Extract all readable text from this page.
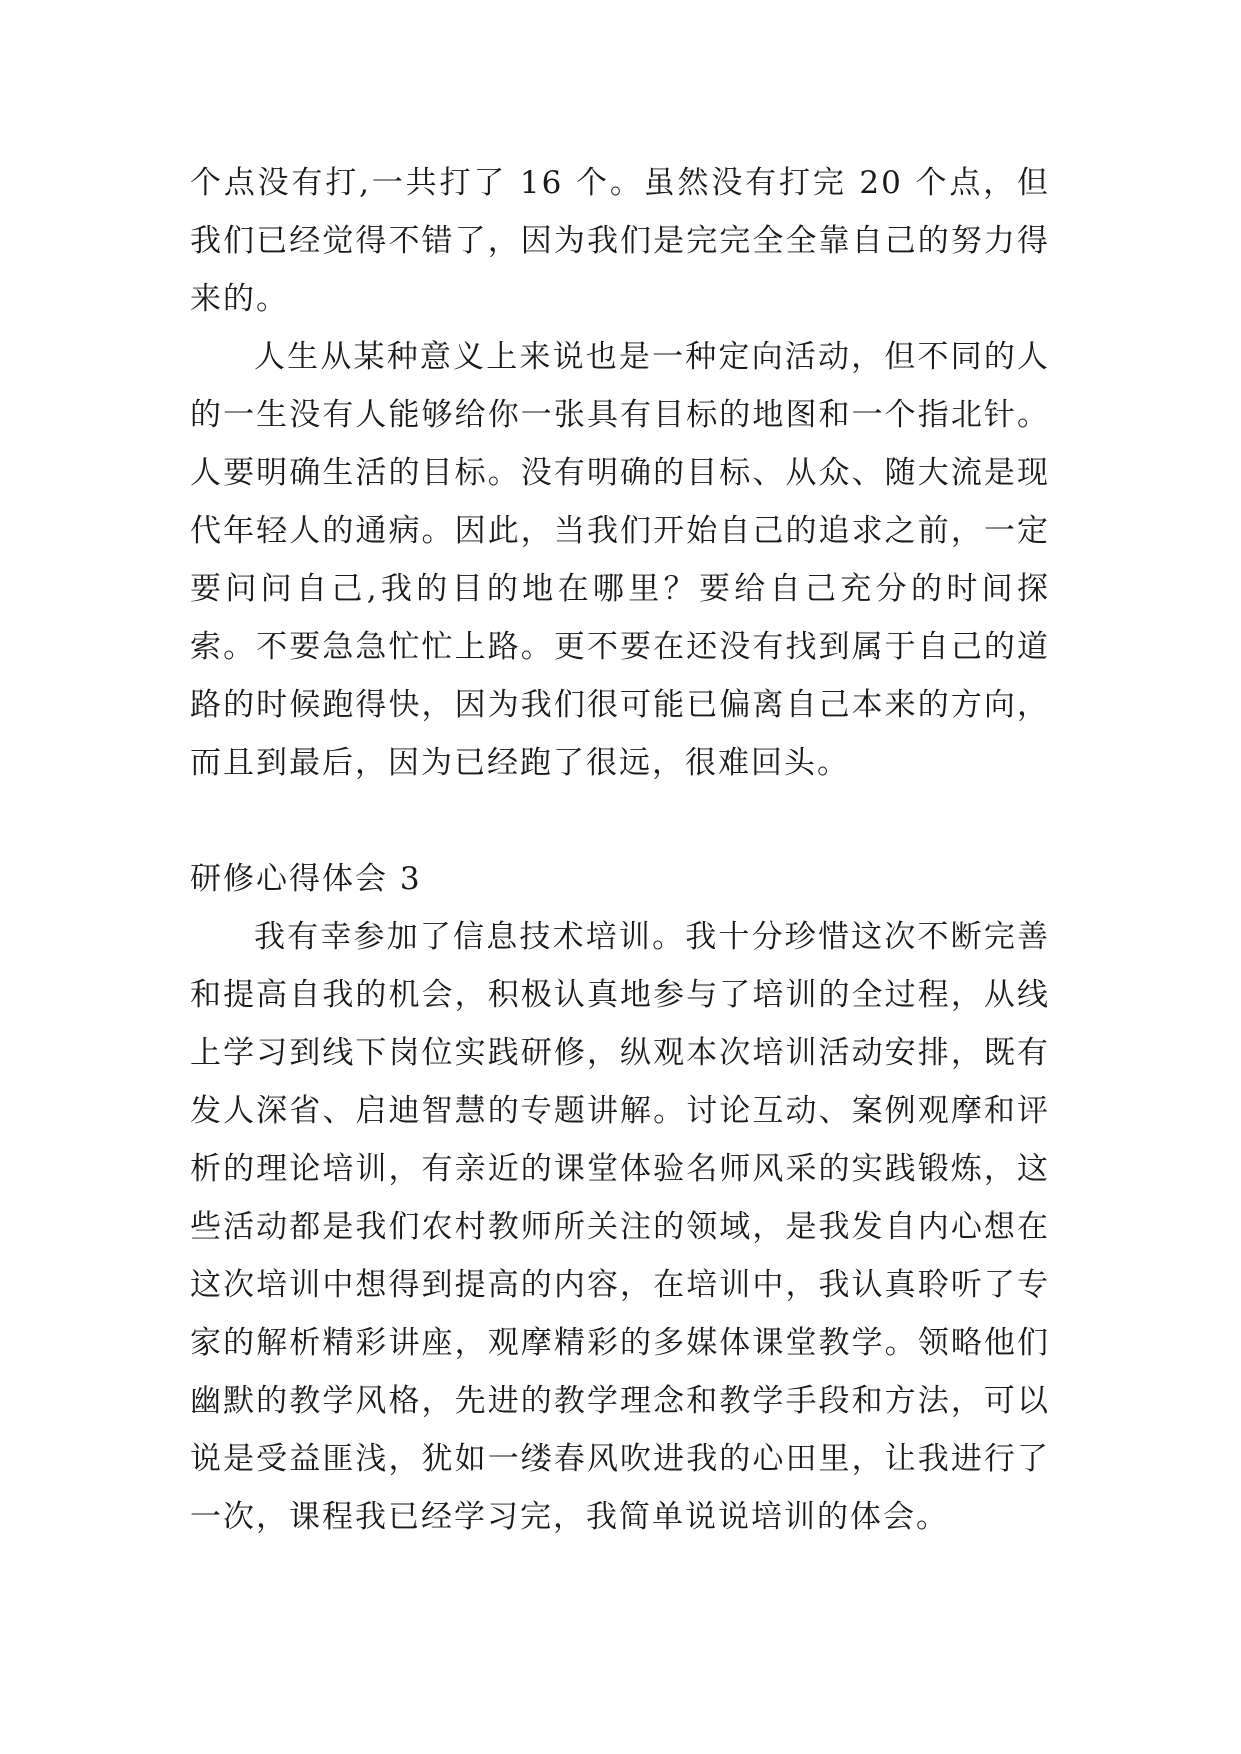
个点没有打,一共打了 16 个。虽然没有打完 20 个点，但我们已经觉得不错了，因为我们是完完全全靠自己的努力得来的。

人生从某种意义上来说也是一种定向活动，但不同的人的一生没有人能够给你一张具有目标的地图和一个指北针。人要明确生活的目标。没有明确的目标、从众、随大流是现代年轻人的通病。因此，当我们开始自己的追求之前，一定要问问自己,我的目的地在哪里？要给自己充分的时间探索。不要急急忙忙上路。更不要在还没有找到属于自己的道路的时候跑得快，因为我们很可能已偏离自己本来的方向，而且到最后，因为已经跑了很远，很难回头。

研修心得体会 3

我有幸参加了信息技术培训。我十分珍惜这次不断完善和提高自我的机会，积极认真地参与了培训的全过程，从线上学习到线下岗位实践研修，纵观本次培训活动安排，既有发人深省、启迪智慧的专题讲解。讨论互动、案例观摩和评析的理论培训，有亲近的课堂体验名师风采的实践锻炼，这些活动都是我们农村教师所关注的领域，是我发自内心想在这次培训中想得到提高的内容，在培训中，我认真聆听了专家的解析精彩讲座，观摩精彩的多媒体课堂教学。领略他们幽默的教学风格，先进的教学理念和教学手段和方法，可以说是受益匪浅，犹如一缕春风吹进我的心田里，让我进行了一次，课程我已经学习完，我简单说说培训的体会。
